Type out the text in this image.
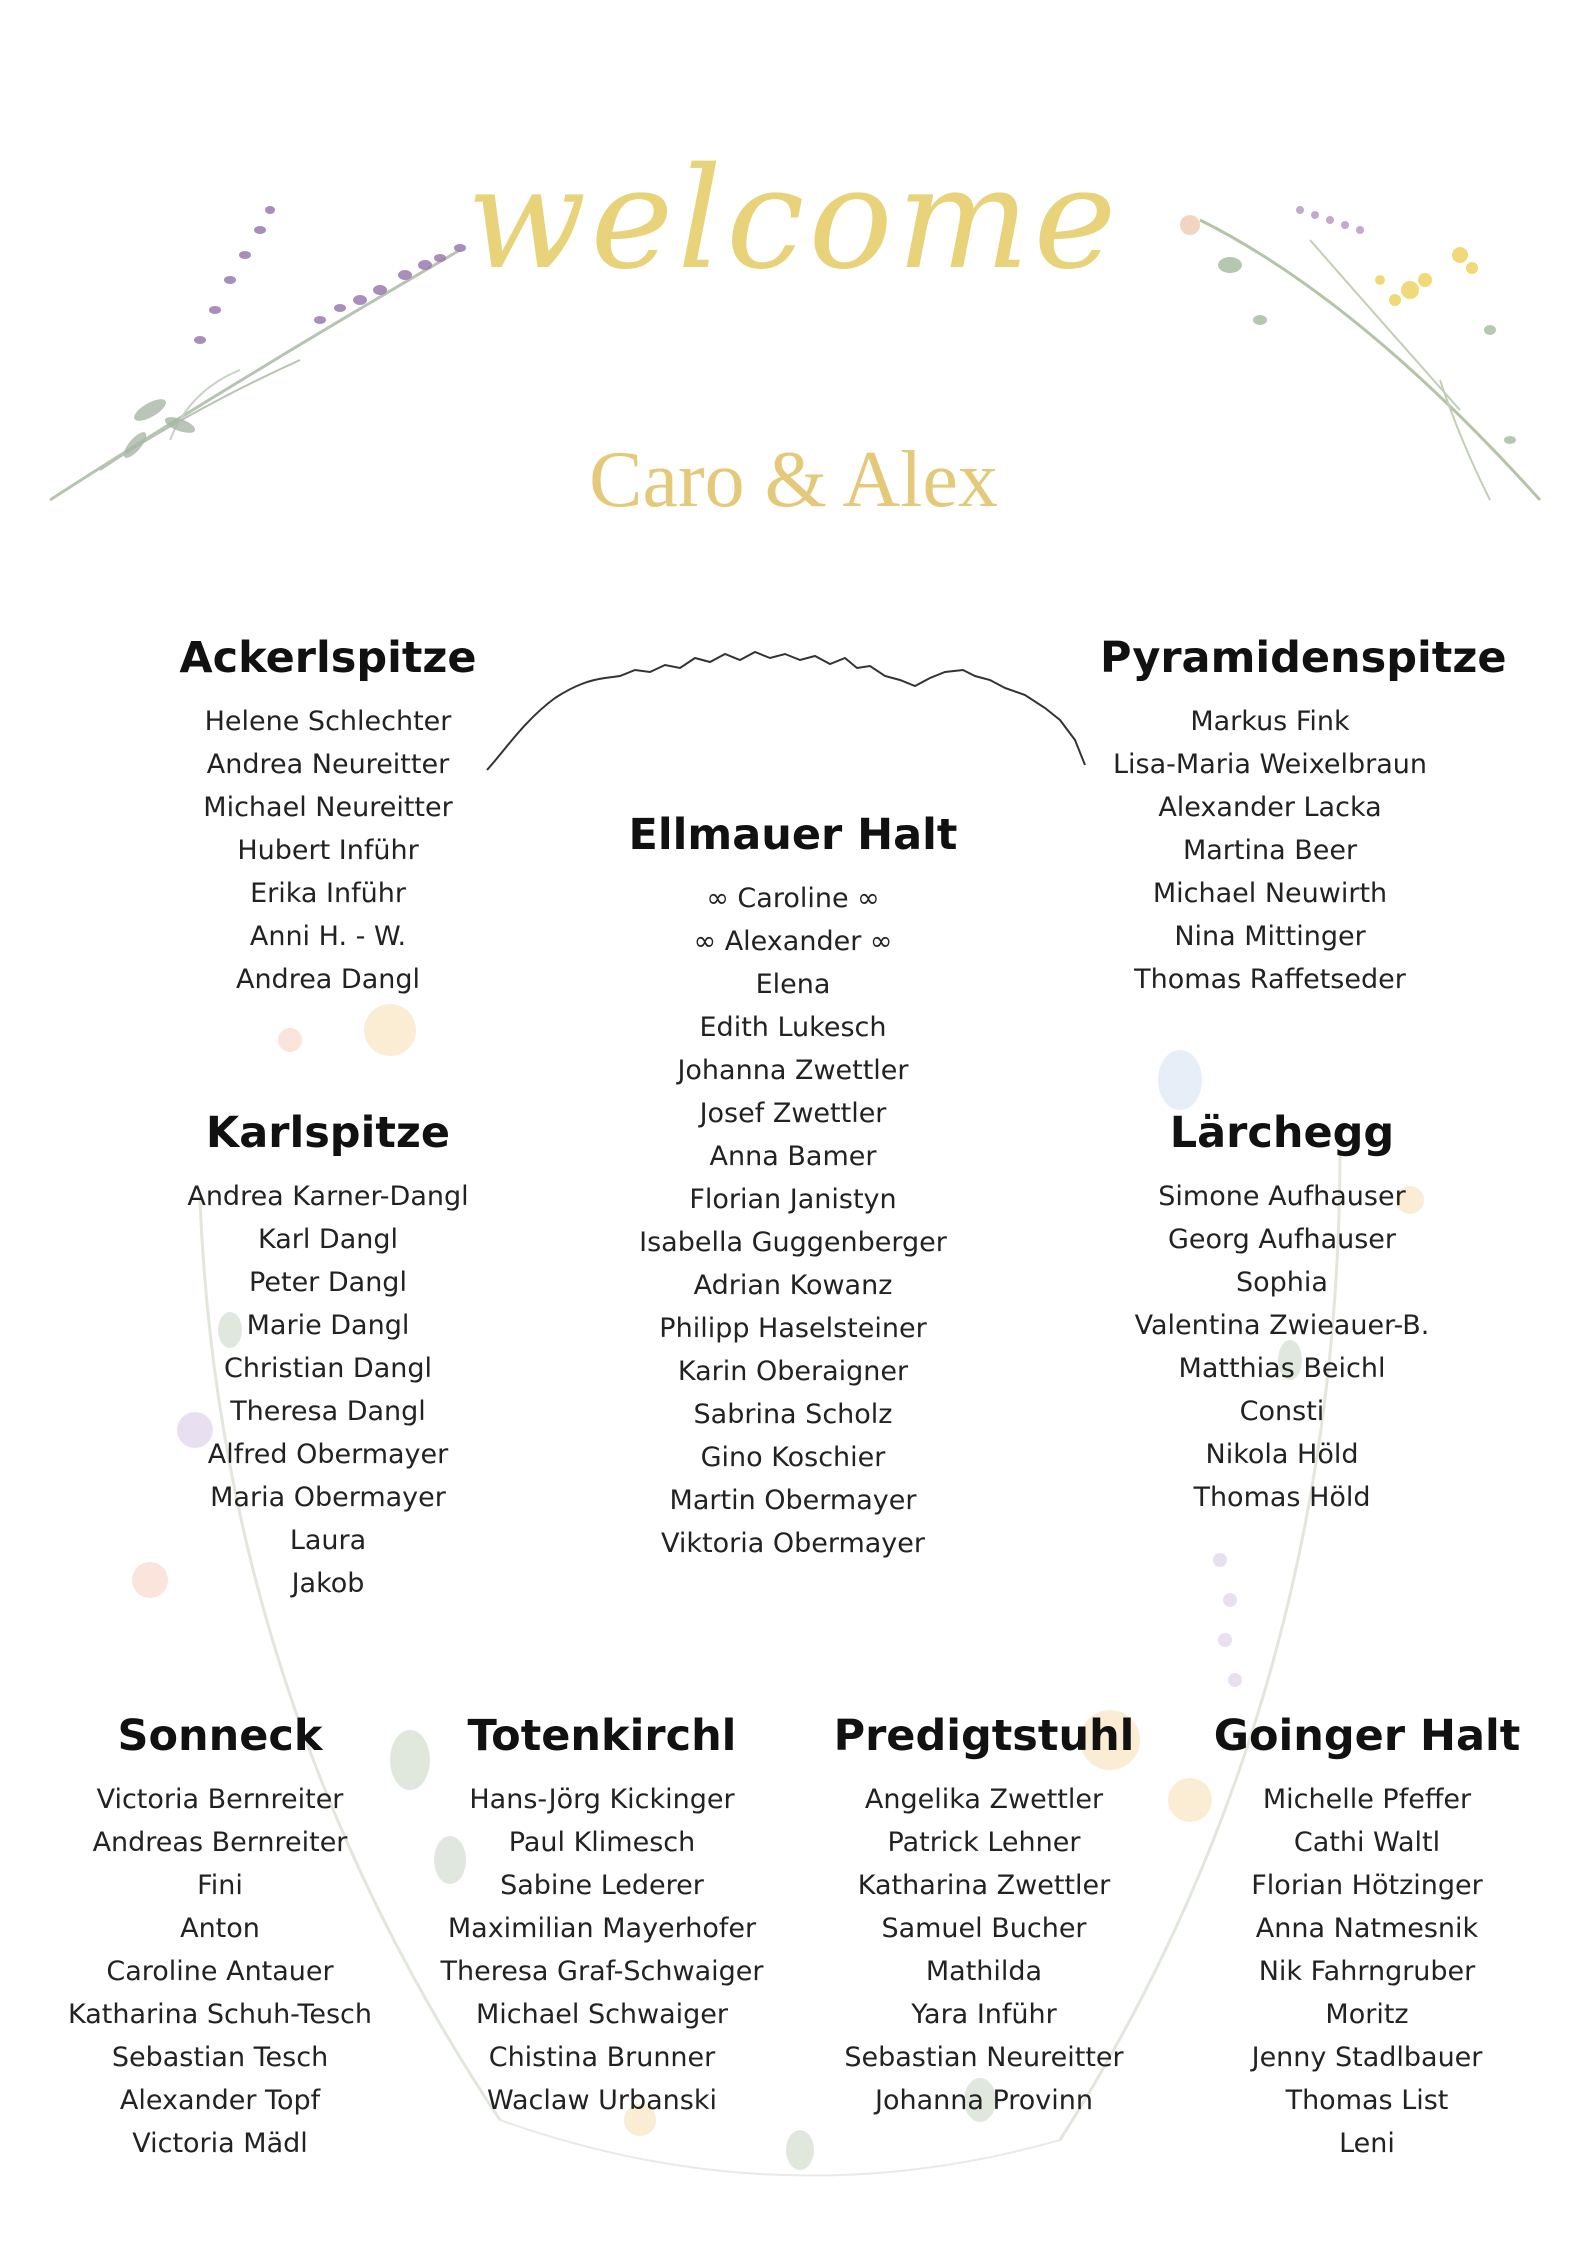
welcome
Caro & Alex
Ackerlspitze
Helene Schlechter
Andrea Neureitter
Michael Neureitter
Hubert Inführ
Erika Inführ
Anni H. - W.
Andrea Dangl
Pyramidenspitze
Markus Fink
Lisa-Maria Weixelbraun
Alexander Lacka
Martina Beer
Michael Neuwirth
Nina Mittinger
Thomas Raffetseder
Ellmauer Halt
∞ Caroline ∞
∞ Alexander ∞
Elena
Edith Lukesch
Johanna Zwettler
Josef Zwettler
Anna Bamer
Florian Janistyn
Isabella Guggenberger
Adrian Kowanz
Philipp Haselsteiner
Karin Oberaigner
Sabrina Scholz
Gino Koschier
Martin Obermayer
Viktoria Obermayer
Karlspitze
Andrea Karner-Dangl
Karl Dangl
Peter Dangl
Marie Dangl
Christian Dangl
Theresa Dangl
Alfred Obermayer
Maria Obermayer
Laura
Jakob
Lärchegg
Simone Aufhauser
Georg Aufhauser
Sophia
Valentina Zwieauer-B.
Matthias Beichl
Consti
Nikola Höld
Thomas Höld
Sonneck
Victoria Bernreiter
Andreas Bernreiter
Fini
Anton
Caroline Antauer
Katharina Schuh-Tesch
Sebastian Tesch
Alexander Topf
Victoria Mädl
Totenkirchl
Hans-Jörg Kickinger
Paul Klimesch
Sabine Lederer
Maximilian Mayerhofer
Theresa Graf-Schwaiger
Michael Schwaiger
Chistina Brunner
Waclaw Urbanski
Predigtstuhl
Angelika Zwettler
Patrick Lehner
Katharina Zwettler
Samuel Bucher
Mathilda
Yara Inführ
Sebastian Neureitter
Johanna Provinn
Goinger Halt
Michelle Pfeffer
Cathi Waltl
Florian Hötzinger
Anna Natmesnik
Nik Fahrngruber
Moritz
Jenny Stadlbauer
Thomas List
Leni
